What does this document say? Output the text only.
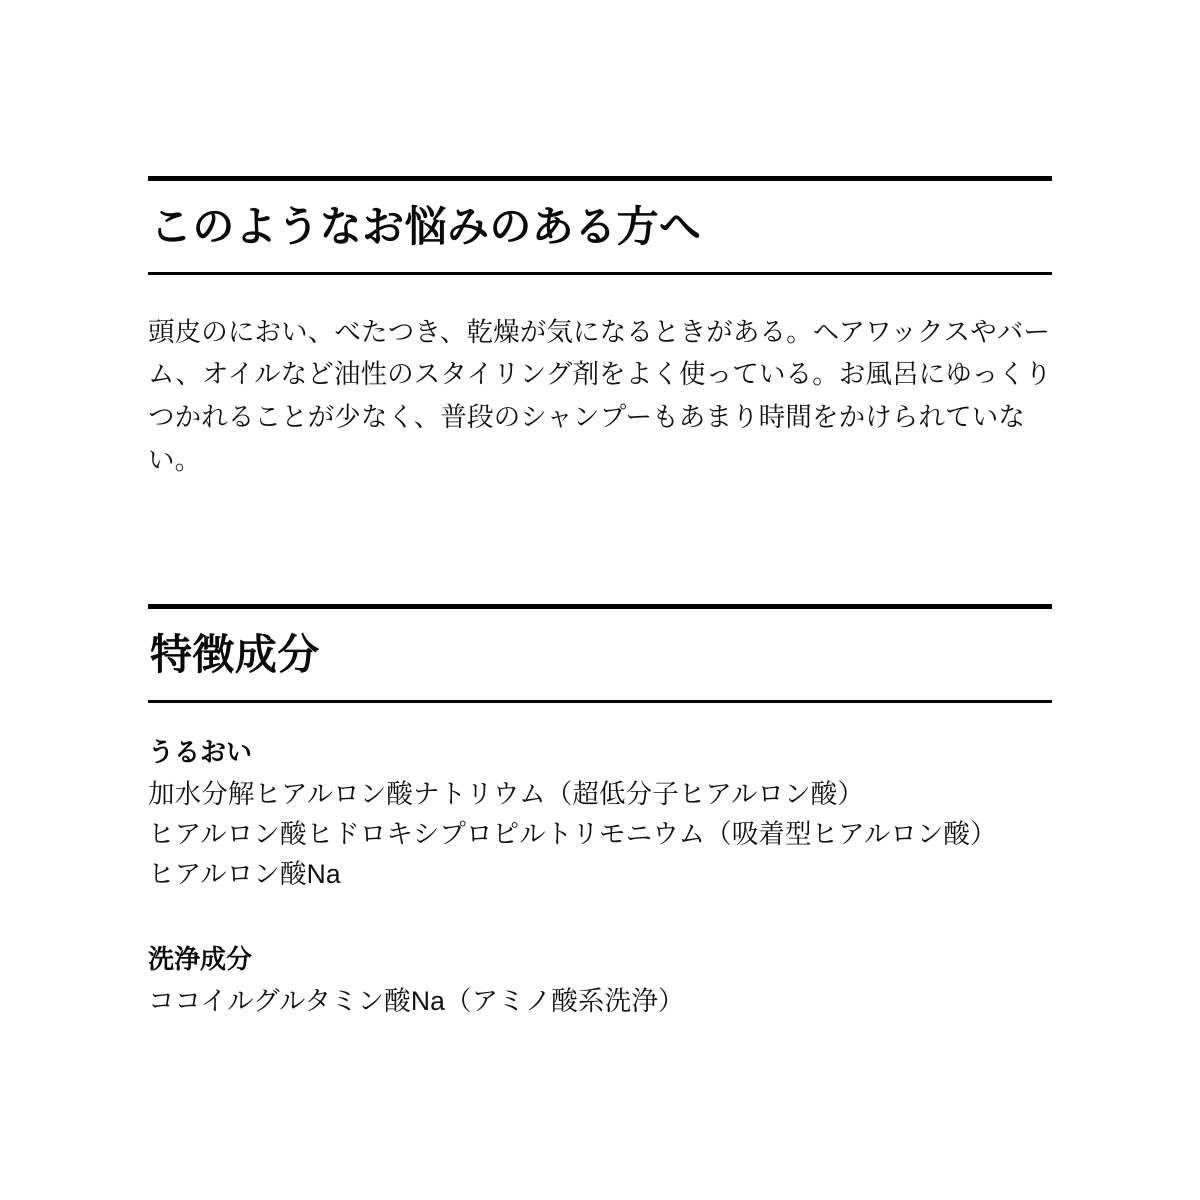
このようなお悩みのある方へ

頭皮のにおい、べたつき、乾燥が気になるときがある。ヘアワックスやバーム、オイルなど油性のスタイリング剤をよく使っている。お風呂にゆっくりつかれることが少なく、普段のシャンプーもあまり時間をかけられていない。

特徴成分

うるおい

加水分解ヒアルロン酸ナトリウム（超低分子ヒアルロン酸）

ヒアルロン酸ヒドロキシプロピルトリモニウム（吸着型ヒアルロン酸）

ヒアルロン酸Na

洗浄成分

ココイルグルタミン酸Na（アミノ酸系洗浄）
